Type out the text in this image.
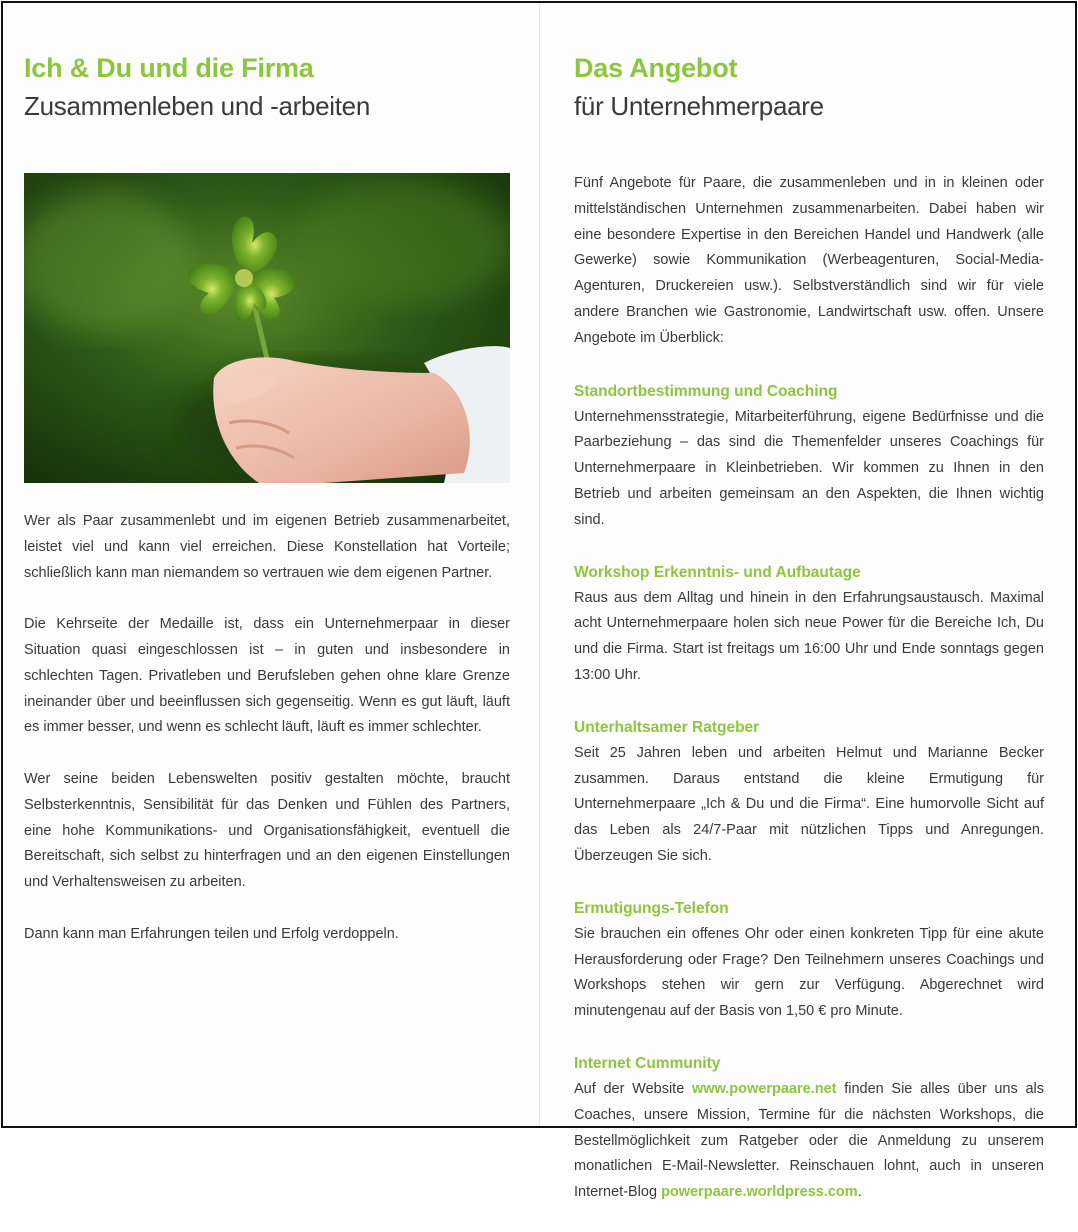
Ich & Du und die Firma
Zusammenleben und -arbeiten

Wer als Paar zusammenlebt und im eigenen Betrieb zusammenarbeitet, leistet viel und kann viel erreichen. Diese Konstellation hat Vorteile; schließlich kann man niemandem so vertrauen wie dem eigenen Partner.

Die Kehrseite der Medaille ist, dass ein Unternehmerpaar in dieser Situation quasi eingeschlossen ist – in guten und insbesondere in schlechten Tagen. Privatleben und Berufsleben gehen ohne klare Grenze ineinander über und beeinflussen sich gegenseitig. Wenn es gut läuft, läuft es immer besser, und wenn es schlecht läuft, läuft es immer schlechter.

Wer seine beiden Lebenswelten positiv gestalten möchte, braucht Selbsterkenntnis, Sensibilität für das Denken und Fühlen des Partners, eine hohe Kommunikations- und Organisationsfähigkeit, eventuell die Bereitschaft, sich selbst zu hinterfragen und an den eigenen Einstellungen und Verhaltensweisen zu arbeiten.

Dann kann man Erfahrungen teilen und Erfolg verdoppeln.

Das Angebot
für Unternehmerpaare

Fünf Angebote für Paare, die zusammenleben und in in kleinen oder mittelständischen Unternehmen zusammenarbeiten. Dabei haben wir eine besondere Expertise in den Bereichen Handel und Handwerk (alle Gewerke) sowie Kommunikation (Werbeagenturen, Social-Media-Agenturen, Druckereien usw.). Selbstverständlich sind wir für viele andere Branchen wie Gastronomie, Landwirtschaft usw. offen. Unsere Angebote im Überblick:

Standortbestimmung und Coaching

Unternehmensstrategie, Mitarbeiterführung, eigene Bedürfnisse und die Paarbeziehung – das sind die Themenfelder unseres Coachings für Unternehmerpaare in Kleinbetrieben. Wir kommen zu Ihnen in den Betrieb und arbeiten gemeinsam an den Aspekten, die Ihnen wichtig sind.

Workshop Erkenntnis- und Aufbautage

Raus aus dem Alltag und hinein in den Erfahrungsaustausch. Maximal acht Unternehmerpaare holen sich neue Power für die Bereiche Ich, Du und die Firma. Start ist freitags um 16:00 Uhr und Ende sonntags gegen 13:00 Uhr.

Unterhaltsamer Ratgeber

Seit 25 Jahren leben und arbeiten Helmut und Marianne Becker zusammen. Daraus entstand die kleine Ermutigung für Unternehmerpaare „Ich & Du und die Firma“. Eine humorvolle Sicht auf das Leben als 24/7-Paar mit nützlichen Tipps und Anregungen. Überzeugen Sie sich.

Ermutigungs-Telefon

Sie brauchen ein offenes Ohr oder einen konkreten Tipp für eine akute Herausforderung oder Frage? Den Teilnehmern unseres Coachings und Workshops stehen wir gern zur Verfügung. Abgerechnet wird minutengenau auf der Basis von 1,50 € pro Minute.

Internet Cummunity

Auf der Website www.powerpaare.net finden Sie alles über uns als Coaches, unsere Mission, Termine für die nächsten Workshops, die Bestellmöglichkeit zum Ratgeber oder die Anmeldung zu unserem monatlichen E-Mail-Newsletter. Reinschauen lohnt, auch in unseren Internet-Blog powerpaare.worldpress.com.
